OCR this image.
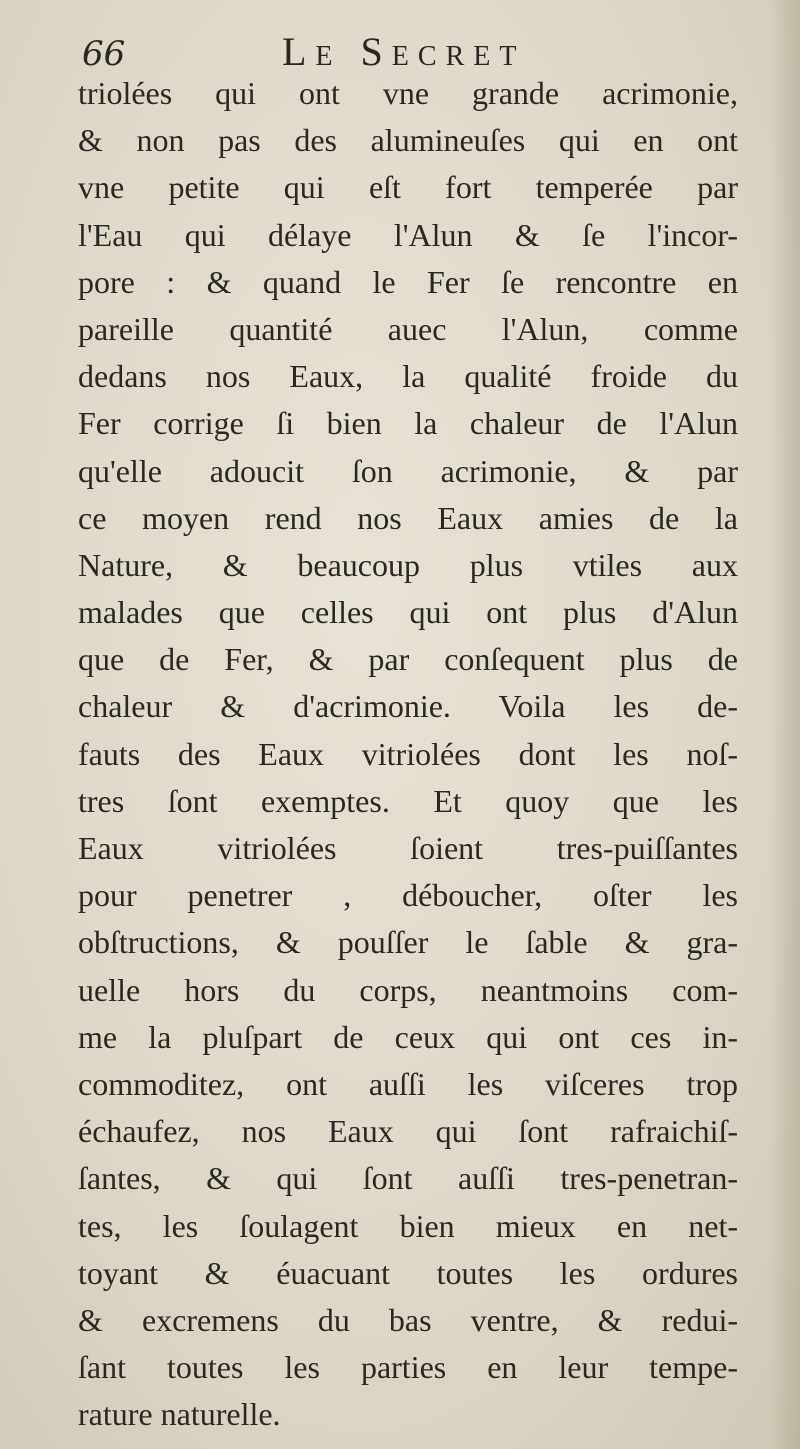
66	Le Secret
triolées qui ont vne grande acrimonie,
& non pas des alumineuſes qui en ont
vne petite qui eſt fort temperée par
l'Eau qui délaye l'Alun & ſe l'incor-
pore : & quand le Fer ſe rencontre en
pareille quantité auec l'Alun, comme
dedans nos Eaux, la qualité froide du
Fer corrige ſi bien la chaleur de l'Alun
qu'elle adoucit ſon acrimonie, & par
ce moyen rend nos Eaux amies de la
Nature, & beaucoup plus vtiles aux
malades que celles qui ont plus d'Alun
que de Fer, & par conſequent plus de
chaleur & d'acrimonie. Voila les de-
fauts des Eaux vitriolées dont les noſ-
tres ſont exemptes. Et quoy que les
Eaux vitriolées ſoient tres-puiſſantes
pour penetrer , déboucher, oſter les
obſtructions, & pouſſer le ſable & gra-
uelle hors du corps, neantmoins com-
me la pluſpart de ceux qui ont ces in-
commoditez, ont auſſi les viſceres trop
échaufez, nos Eaux qui ſont rafraichiſ-
ſantes, & qui ſont auſſi tres-penetran-
tes, les ſoulagent bien mieux en net-
toyant & éuacuant toutes les ordures
& excremens du bas ventre, & redui-
ſant toutes les parties en leur tempe-
rature naturelle.
